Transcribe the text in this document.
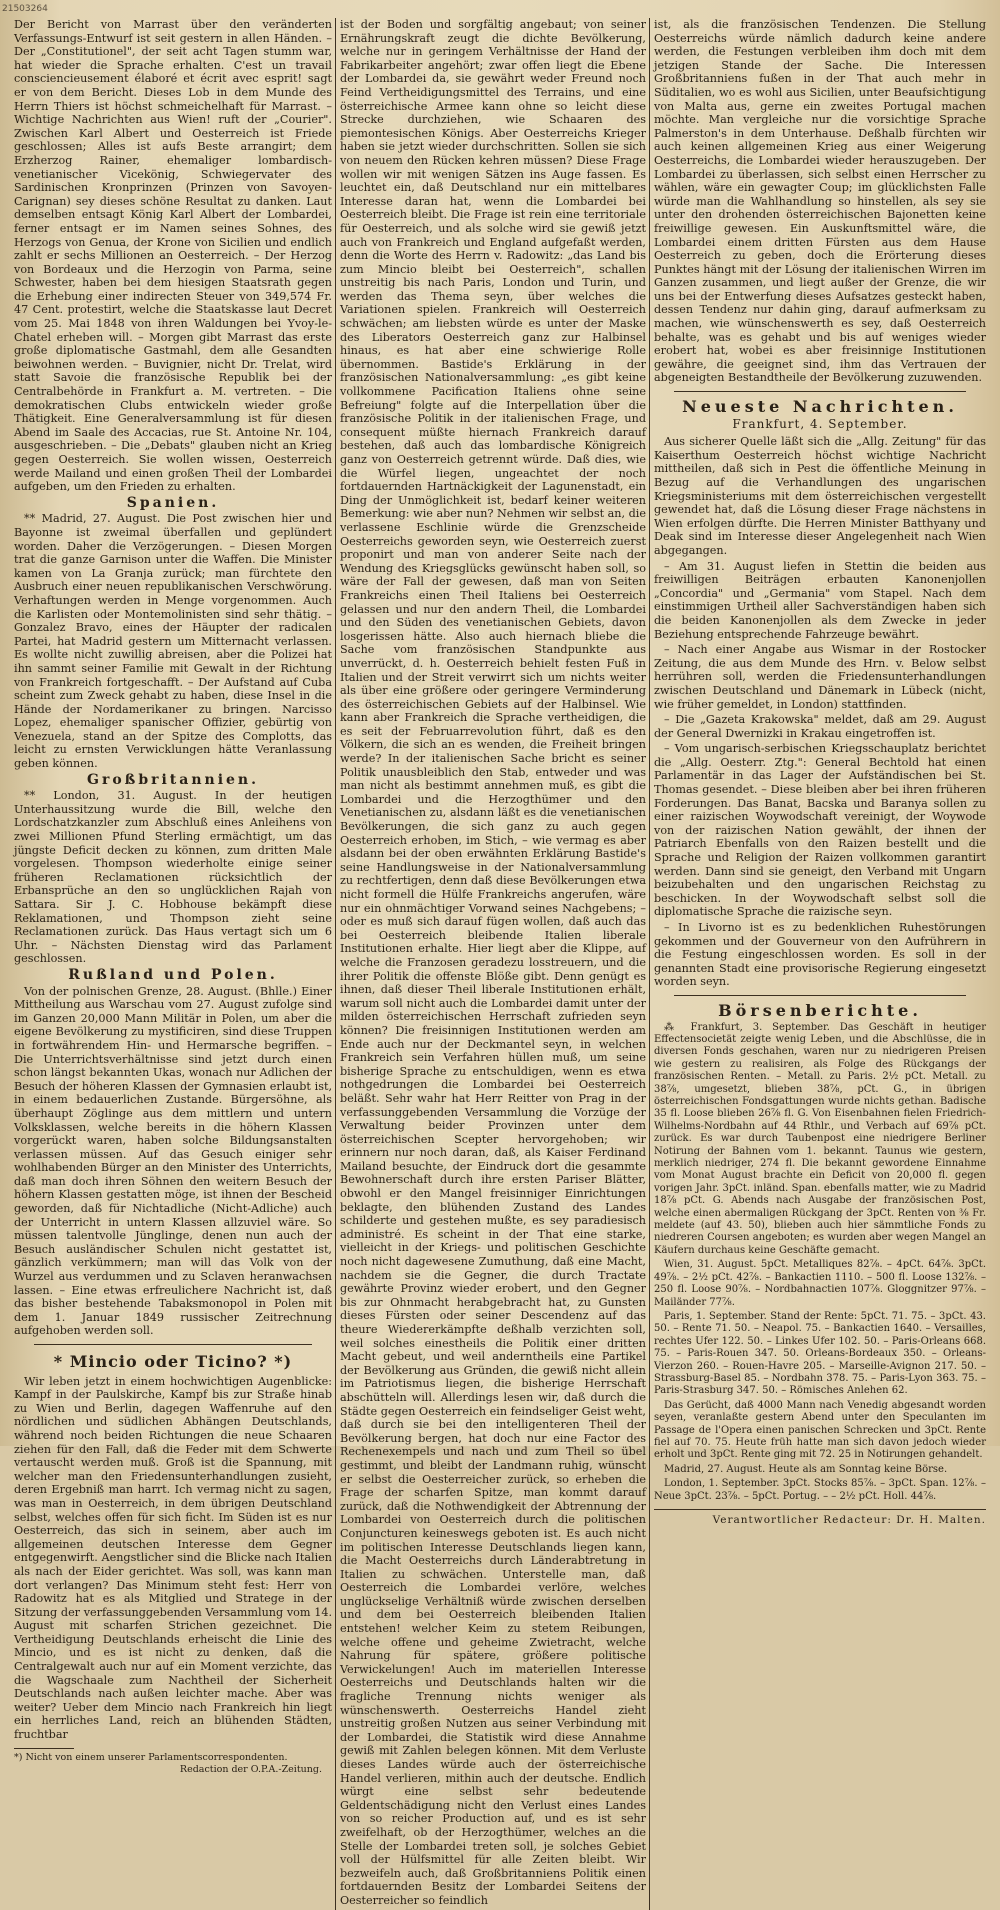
21503264

Der Bericht von Marrast über den veränderten Verfassungs-Entwurf ist seit gestern in allen Händen. – Der „Constitutionel", der seit acht Tagen stumm war, hat wieder die Sprache erhalten. C'est un travail consciencieusement élaboré et écrit avec esprit! sagt er von dem Bericht. Dieses Lob in dem Munde des Herrn Thiers ist höchst schmeichelhaft für Marrast. – Wichtige Nachrichten aus Wien! ruft der „Courier". Zwischen Karl Albert und Oesterreich ist Friede geschlossen; Alles ist aufs Beste arrangirt; dem Erzherzog Rainer, ehemaliger lombardisch-venetianischer Vicekönig, Schwiegervater des Sardinischen Kronprinzen (Prinzen von Savoyen-Carignan) sey dieses schöne Resultat zu danken. Laut demselben entsagt König Karl Albert der Lombardei, ferner entsagt er im Namen seines Sohnes, des Herzogs von Genua, der Krone von Sicilien und endlich zahlt er sechs Millionen an Oesterreich. – Der Herzog von Bordeaux und die Herzogin von Parma, seine Schwester, haben bei dem hiesigen Staatsrath gegen die Erhebung einer indirecten Steuer von 349,574 Fr. 47 Cent. protestirt, welche die Staatskasse laut Decret vom 25. Mai 1848 von ihren Waldungen bei Yvoy-le-Chatel erheben will. – Morgen gibt Marrast das erste große diplomatische Gastmahl, dem alle Gesandten beiwohnen werden. – Buvignier, nicht Dr. Trelat, wird statt Savoie die französische Republik bei der Centralbehörde in Frankfurt a. M. vertreten. – Die demokratischen Clubs entwickeln wieder große Thätigkeit. Eine Generalversammlung ist für diesen Abend im Saale des Accacias, rue St. Antoine Nr. 104, ausgeschrieben. – Die „Debats" glauben nicht an Krieg gegen Oesterreich. Sie wollen wissen, Oesterreich werde Mailand und einen großen Theil der Lombardei aufgeben, um den Frieden zu erhalten.

Spanien.

** Madrid, 27. August. Die Post zwischen hier und Bayonne ist zweimal überfallen und geplündert worden. Daher die Verzögerungen. – Diesen Morgen trat die ganze Garnison unter die Waffen. Die Minister kamen von La Granja zurück; man fürchtete den Ausbruch einer neuen republikanischen Verschwörung. Verhaftungen werden in Menge vorgenommen. Auch die Karlisten oder Montemolinisten sind sehr thätig. – Gonzalez Bravo, eines der Häupter der radicalen Partei, hat Madrid gestern um Mitternacht verlassen. Es wollte nicht zuwillig abreisen, aber die Polizei hat ihn sammt seiner Familie mit Gewalt in der Richtung von Frankreich fortgeschafft. – Der Aufstand auf Cuba scheint zum Zweck gehabt zu haben, diese Insel in die Hände der Nordamerikaner zu bringen. Narcisso Lopez, ehemaliger spanischer Offizier, gebürtig von Venezuela, stand an der Spitze des Complotts, das leicht zu ernsten Verwicklungen hätte Veranlassung geben können.

Großbritannien.

** London, 31. August. In der heutigen Unterhaussitzung wurde die Bill, welche den Lordschatzkanzler zum Abschluß eines Anleihens von zwei Millionen Pfund Sterling ermächtigt, um das jüngste Deficit decken zu können, zum dritten Male vorgelesen. Thompson wiederholte einige seiner früheren Reclamationen rücksichtlich der Erbansprüche an den so unglücklichen Rajah von Sattara. Sir J. C. Hobhouse bekämpft diese Reklamationen, und Thompson zieht seine Reclamationen zurück. Das Haus vertagt sich um 6 Uhr. – Nächsten Dienstag wird das Parlament geschlossen.

Rußland und Polen.

Von der polnischen Grenze, 28. August. (Bhlle.) Einer Mittheilung aus Warschau vom 27. August zufolge sind im Ganzen 20,000 Mann Militär in Polen, um aber die eigene Bevölkerung zu mystificiren, sind diese Truppen in fortwährendem Hin- und Hermarsche begriffen. – Die Unterrichtsverhältnisse sind jetzt durch einen schon längst bekannten Ukas, wonach nur Adlichen der Besuch der höheren Klassen der Gymnasien erlaubt ist, in einem bedauerlichen Zustande. Bürgersöhne, als überhaupt Zöglinge aus dem mittlern und untern Volksklassen, welche bereits in die höhern Klassen vorgerückt waren, haben solche Bildungsanstalten verlassen müssen. Auf das Gesuch einiger sehr wohlhabenden Bürger an den Minister des Unterrichts, daß man doch ihren Söhnen den weitern Besuch der höhern Klassen gestatten möge, ist ihnen der Bescheid geworden, daß für Nichtadliche (Nicht-Adliche) auch der Unterricht in untern Klassen allzuviel wäre. So müssen talentvolle Jünglinge, denen nun auch der Besuch ausländischer Schulen nicht gestattet ist, gänzlich verkümmern; man will das Volk von der Wurzel aus verdummen und zu Sclaven heranwachsen lassen. – Eine etwas erfreulichere Nachricht ist, daß das bisher bestehende Tabaksmonopol in Polen mit dem 1. Januar 1849 russischer Zeitrechnung aufgehoben werden soll.

* Mincio oder Ticino? *)

Wir leben jetzt in einem hochwichtigen Augenblicke: Kampf in der Paulskirche, Kampf bis zur Straße hinab zu Wien und Berlin, dagegen Waffenruhe auf den nördlichen und südlichen Abhängen Deutschlands, während noch beiden Richtungen die neue Schaaren ziehen für den Fall, daß die Feder mit dem Schwerte vertauscht werden muß. Groß ist die Spannung, mit welcher man den Friedensunterhandlungen zusieht, deren Ergebniß man harrt. Ich vermag nicht zu sagen, was man in Oesterreich, in dem übrigen Deutschland selbst, welches offen für sich ficht. Im Süden ist es nur Oesterreich, das sich in seinem, aber auch im allgemeinen deutschen Interesse dem Gegner entgegenwirft. Aengstlicher sind die Blicke nach Italien als nach der Eider gerichtet. Was soll, was kann man dort verlangen? Das Minimum steht fest: Herr von Radowitz hat es als Mitglied und Stratege in der Sitzung der verfassunggebenden Versammlung vom 14. August mit scharfen Strichen gezeichnet. Die Vertheidigung Deutschlands erheischt die Linie des Mincio, und es ist nicht zu denken, daß die Centralgewalt auch nur auf ein Moment verzichte, das die Wagschaale zum Nachtheil der Sicherheit Deutschlands nach außen leichter mache. Aber was weiter? Ueber dem Mincio nach Frankreich hin liegt ein herrliches Land, reich an blühenden Städten, fruchtbar

*) Nicht von einem unserer Parlamentscorrespondenten.
Redaction der O.P.A.-Zeitung.

ist der Boden und sorgfältig angebaut; von seiner Ernährungskraft zeugt die dichte Bevölkerung, welche nur in geringem Verhältnisse der Hand der Fabrikarbeiter angehört; zwar offen liegt die Ebene der Lombardei da, sie gewährt weder Freund noch Feind Vertheidigungsmittel des Terrains, und eine österreichische Armee kann ohne so leicht diese Strecke durchziehen, wie Schaaren des piemontesischen Königs. Aber Oesterreichs Krieger haben sie jetzt wieder durchschritten. Sollen sie sich von neuem den Rücken kehren müssen? Diese Frage wollen wir mit wenigen Sätzen ins Auge fassen. Es leuchtet ein, daß Deutschland nur ein mittelbares Interesse daran hat, wenn die Lombardei bei Oesterreich bleibt. Die Frage ist rein eine territoriale für Oesterreich, und als solche wird sie gewiß jetzt auch von Frankreich und England aufgefaßt werden, denn die Worte des Herrn v. Radowitz: „das Land bis zum Mincio bleibt bei Oesterreich", schallen unstreitig bis nach Paris, London und Turin, und werden das Thema seyn, über welches die Variationen spielen. Frankreich will Oesterreich schwächen; am liebsten würde es unter der Maske des Liberators Oesterreich ganz zur Halbinsel hinaus, es hat aber eine schwierige Rolle übernommen. Bastide's Erklärung in der französischen Nationalversammlung: „es gibt keine vollkommene Pacification Italiens ohne seine Befreiung" folgte auf die Interpellation über die französische Politik in der italienischen Frage, und consequent müßte hiernach Frankreich darauf bestehen, daß auch das lombardische Königreich ganz von Oesterreich getrennt würde. Daß dies, wie die Würfel liegen, ungeachtet der noch fortdauernden Hartnäckigkeit der Lagunenstadt, ein Ding der Unmöglichkeit ist, bedarf keiner weiteren Bemerkung: wie aber nun? Nehmen wir selbst an, die verlassene Eschlinie würde die Grenzscheide Oesterreichs geworden seyn, wie Oesterreich zuerst proponirt und man von anderer Seite nach der Wendung des Kriegsglücks gewünscht haben soll, so wäre der Fall der gewesen, daß man von Seiten Frankreichs einen Theil Italiens bei Oesterreich gelassen und nur den andern Theil, die Lombardei und den Süden des venetianischen Gebiets, davon losgerissen hätte. Also auch hiernach bliebe die Sache vom französischen Standpunkte aus unverrückt, d. h. Oesterreich behielt festen Fuß in Italien und der Streit verwirrt sich um nichts weiter als über eine größere oder geringere Verminderung des österreichischen Gebiets auf der Halbinsel. Wie kann aber Frankreich die Sprache vertheidigen, die es seit der Februarrevolution führt, daß es den Völkern, die sich an es wenden, die Freiheit bringen werde? In der italienischen Sache bricht es seiner Politik unausbleiblich den Stab, entweder und was man nicht als bestimmt annehmen muß, es gibt die Lombardei und die Herzogthümer und den Venetianischen zu, alsdann läßt es die venetianischen Bevölkerungen, die sich ganz zu auch gegen Oesterreich erhoben, im Stich, – wie vermag es aber alsdann bei der oben erwähnten Erklärung Bastide's seine Handlungsweise in der Nationalversammlung zu rechtfertigen, denn daß diese Bevölkerungen etwa nicht formell die Hülfe Frankreichs angerufen, wäre nur ein ohnmächtiger Vorwand seines Nachgebens; – oder es muß sich darauf fügen wollen, daß auch das bei Oesterreich bleibende Italien liberale Institutionen erhalte. Hier liegt aber die Klippe, auf welche die Franzosen geradezu losstreuern, und die ihrer Politik die offenste Blöße gibt. Denn genügt es ihnen, daß dieser Theil liberale Institutionen erhält, warum soll nicht auch die Lombardei damit unter der milden österreichischen Herrschaft zufrieden seyn können? Die freisinnigen Institutionen werden am Ende auch nur der Deckmantel seyn, in welchen Frankreich sein Verfahren hüllen muß, um seine bisherige Sprache zu entschuldigen, wenn es etwa nothgedrungen die Lombardei bei Oesterreich beläßt. Sehr wahr hat Herr Reitter von Prag in der verfassunggebenden Versammlung die Vorzüge der Verwaltung beider Provinzen unter dem österreichischen Scepter hervorgehoben; wir erinnern nur noch daran, daß, als Kaiser Ferdinand Mailand besuchte, der Eindruck dort die gesammte Bewohnerschaft durch ihre ersten Pariser Blätter, obwohl er den Mangel freisinniger Einrichtungen beklagte, den blühenden Zustand des Landes schilderte und gestehen mußte, es sey paradiesisch administré. Es scheint in der That eine starke, vielleicht in der Kriegs- und politischen Geschichte noch nicht dagewesene Zumuthung, daß eine Macht, nachdem sie die Gegner, die durch Tractate gewährte Provinz wieder erobert, und den Gegner bis zur Ohnmacht herabgebracht hat, zu Gunsten dieses Fürsten oder seiner Descendenz auf das theure Wiedererkämpfte deßhalb verzichten soll, weil solches einestheils die Politik einer dritten Macht gebeut, und weil anderntheils eine Partikel der Bevölkerung aus Gründen, die gewiß nicht allein im Patriotismus liegen, die bisherige Herrschaft abschütteln will. Allerdings lesen wir, daß durch die Städte gegen Oesterreich ein feindseliger Geist weht, daß durch sie bei den intelligenteren Theil der Bevölkerung bergen, hat doch nur eine Factor des Rechenexempels und nach und zum Theil so übel gestimmt, und bleibt der Landmann ruhig, wünscht er selbst die Oesterreicher zurück, so erheben die Frage der scharfen Spitze, man kommt darauf zurück, daß die Nothwendigkeit der Abtrennung der Lombardei von Oesterreich durch die politischen Conjuncturen keineswegs geboten ist. Es auch nicht im politischen Interesse Deutschlands liegen kann, die Macht Oesterreichs durch Länderabtretung in Italien zu schwächen. Unterstelle man, daß Oesterreich die Lombardei verlöre, welches unglückselige Verhältniß würde zwischen derselben und dem bei Oesterreich bleibenden Italien entstehen! welcher Keim zu stetem Reibungen, welche offene und geheime Zwietracht, welche Nahrung für spätere, größere politische Verwickelungen! Auch im materiellen Interesse Oesterreichs und Deutschlands halten wir die fragliche Trennung nichts weniger als wünschenswerth. Oesterreichs Handel zieht unstreitig großen Nutzen aus seiner Verbindung mit der Lombardei, die Statistik wird diese Annahme gewiß mit Zahlen belegen können. Mit dem Verluste dieses Landes würde auch der österreichische Handel verlieren, mithin auch der deutsche. Endlich würgt eine selbst sehr bedeutende Geldentschädigung nicht den Verlust eines Landes von so reicher Production auf, und es ist sehr zweifelhaft, ob der Herzogthümer, welches an die Stelle der Lombardei treten soll, je solches Gebiet voll der Hülfsmittel für alle Zeiten bleibt. Wir bezweifeln auch, daß Großbritanniens Politik einen fortdauernden Besitz der Lombardei Seitens der Oesterreicher so feindlich

ist, als die französischen Tendenzen. Die Stellung Oesterreichs würde nämlich dadurch keine andere werden, die Festungen verbleiben ihm doch mit dem jetzigen Stande der Sache. Die Interessen Großbritanniens fußen in der That auch mehr in Süditalien, wo es wohl aus Sicilien, unter Beaufsichtigung von Malta aus, gerne ein zweites Portugal machen möchte. Man vergleiche nur die vorsichtige Sprache Palmerston's in dem Unterhause. Deßhalb fürchten wir auch keinen allgemeinen Krieg aus einer Weigerung Oesterreichs, die Lombardei wieder herauszugeben. Der Lombardei zu überlassen, sich selbst einen Herrscher zu wählen, wäre ein gewagter Coup; im glücklichsten Falle würde man die Wahlhandlung so hinstellen, als sey sie unter den drohenden österreichischen Bajonetten keine freiwillige gewesen. Ein Auskunftsmittel wäre, die Lombardei einem dritten Fürsten aus dem Hause Oesterreich zu geben, doch die Erörterung dieses Punktes hängt mit der Lösung der italienischen Wirren im Ganzen zusammen, und liegt außer der Grenze, die wir uns bei der Entwerfung dieses Aufsatzes gesteckt haben, dessen Tendenz nur dahin ging, darauf aufmerksam zu machen, wie wünschenswerth es sey, daß Oesterreich behalte, was es gehabt und bis auf weniges wieder erobert hat, wobei es aber freisinnige Institutionen gewähre, die geeignet sind, ihm das Vertrauen der abgeneigten Bestandtheile der Bevölkerung zuzuwenden.

Neueste Nachrichten.
Frankfurt, 4. September.

Aus sicherer Quelle läßt sich die „Allg. Zeitung" für das Kaiserthum Oesterreich höchst wichtige Nachricht mittheilen, daß sich in Pest die öffentliche Meinung in Bezug auf die Verhandlungen des ungarischen Kriegsministeriums mit dem österreichischen vergestellt gewendet hat, daß die Lösung dieser Frage nächstens in Wien erfolgen dürfte. Die Herren Minister Batthyany und Deak sind im Interesse dieser Angelegenheit nach Wien abgegangen.

– Am 31. August liefen in Stettin die beiden aus freiwilligen Beiträgen erbauten Kanonenjollen „Concordia" und „Germania" vom Stapel. Nach dem einstimmigen Urtheil aller Sachverständigen haben sich die beiden Kanonenjollen als dem Zwecke in jeder Beziehung entsprechende Fahrzeuge bewährt.

– Nach einer Angabe aus Wismar in der Rostocker Zeitung, die aus dem Munde des Hrn. v. Below selbst herrühren soll, werden die Friedensunterhandlungen zwischen Deutschland und Dänemark in Lübeck (nicht, wie früher gemeldet, in London) stattfinden.

– Die „Gazeta Krakowska" meldet, daß am 29. August der General Dwernizki in Krakau eingetroffen ist.

– Vom ungarisch-serbischen Kriegsschauplatz berichtet die „Allg. Oesterr. Ztg.": General Bechtold hat einen Parlamentär in das Lager der Aufständischen bei St. Thomas gesendet. – Diese bleiben aber bei ihren früheren Forderungen. Das Banat, Bacska und Baranya sollen zu einer raizischen Woywodschaft vereinigt, der Woywode von der raizischen Nation gewählt, der ihnen der Patriarch Ebenfalls von den Raizen bestellt und die Sprache und Religion der Raizen vollkommen garantirt werden. Dann sind sie geneigt, den Verband mit Ungarn beizubehalten und den ungarischen Reichstag zu beschicken. In der Woywodschaft selbst soll die diplomatische Sprache die raizische seyn.

– In Livorno ist es zu bedenklichen Ruhestörungen gekommen und der Gouverneur von den Aufrührern in die Festung eingeschlossen worden. Es soll in der genannten Stadt eine provisorische Regierung eingesetzt worden seyn.

Börsenberichte.

⁂ Frankfurt, 3. September. Das Geschäft in heutiger Effectensocietät zeigte wenig Leben, und die Abschlüsse, die in diversen Fonds geschahen, waren nur zu niedrigeren Preisen wie gestern zu realisiren, als Folge des Rückgangs der französischen Renten. – Metall. zu Paris. 2½ pCt. Metall. zu 38⅞, umgesetzt, blieben 38⅞, pCt. G., in übrigen österreichischen Fondsgattungen wurde nichts gethan. Badische 35 fl. Loose blieben 26⅞ fl. G. Von Eisenbahnen fielen Friedrich-Wilhelms-Nordbahn auf 44 Rthlr., und Verbach auf 69⅞ pCt. zurück. Es war durch Taubenpost eine niedrigere Berliner Notirung der Bahnen vom 1. bekannt. Taunus wie gestern, merklich niedriger, 274 fl. Die bekannt gewordene Einnahme vom Monat August brachte ein Deficit von 20,000 fl. gegen vorigen Jahr. 3pCt. inländ. Span. ebenfalls matter, wie zu Madrid 18⅞ pCt. G. Abends nach Ausgabe der französischen Post, welche einen abermaligen Rückgang der 3pCt. Renten von ⅜ Fr. meldete (auf 43. 50), blieben auch hier sämmtliche Fonds zu niedreren Coursen angeboten; es wurden aber wegen Mangel an Käufern durchaus keine Geschäfte gemacht.

Wien, 31. August. 5pCt. Metalliques 82⅞. – 4pCt. 64⅞. 3pCt. 49⅞. – 2½ pCt. 42⅞. – Bankactien 1110. – 500 fl. Loose 132⅞. – 250 fl. Loose 90⅞. – Nordbahnactien 107⅞. Gloggnitzer 97⅞. – Mailänder 77⅞.

Paris, 1. September. Stand der Rente: 5pCt. 71. 75. – 3pCt. 43. 50. – Rente 71. 50. – Neapol. 75. – Bankactien 1640. – Versailles, rechtes Ufer 122. 50. – Linkes Ufer 102. 50. – Paris-Orleans 668. 75. – Paris-Rouen 347. 50. Orleans-Bordeaux 350. – Orleans-Vierzon 260. – Rouen-Havre 205. – Marseille-Avignon 217. 50. – Strassburg-Basel 85. – Nordbahn 378. 75. – Paris-Lyon 363. 75. – Paris-Strasburg 347. 50. – Römisches Anlehen 62.

Das Gerücht, daß 4000 Mann nach Venedig abgesandt worden seyen, veranlaßte gestern Abend unter den Speculanten im Passage de l'Opera einen panischen Schrecken und 3pCt. Rente fiel auf 70. 75. Heute früh hatte man sich davon jedoch wieder erholt und 3pCt. Rente ging mit 72. 25 in Notirungen gehandelt.

Madrid, 27. August. Heute als am Sonntag keine Börse.

London, 1. September. 3pCt. Stocks 85⅞. – 3pCt. Span. 12⅞. – Neue 3pCt. 23⅞. – 5pCt. Portug. – – 2½ pCt. Holl. 44⅞.

Verantwortlicher Redacteur: Dr. H. Malten.
